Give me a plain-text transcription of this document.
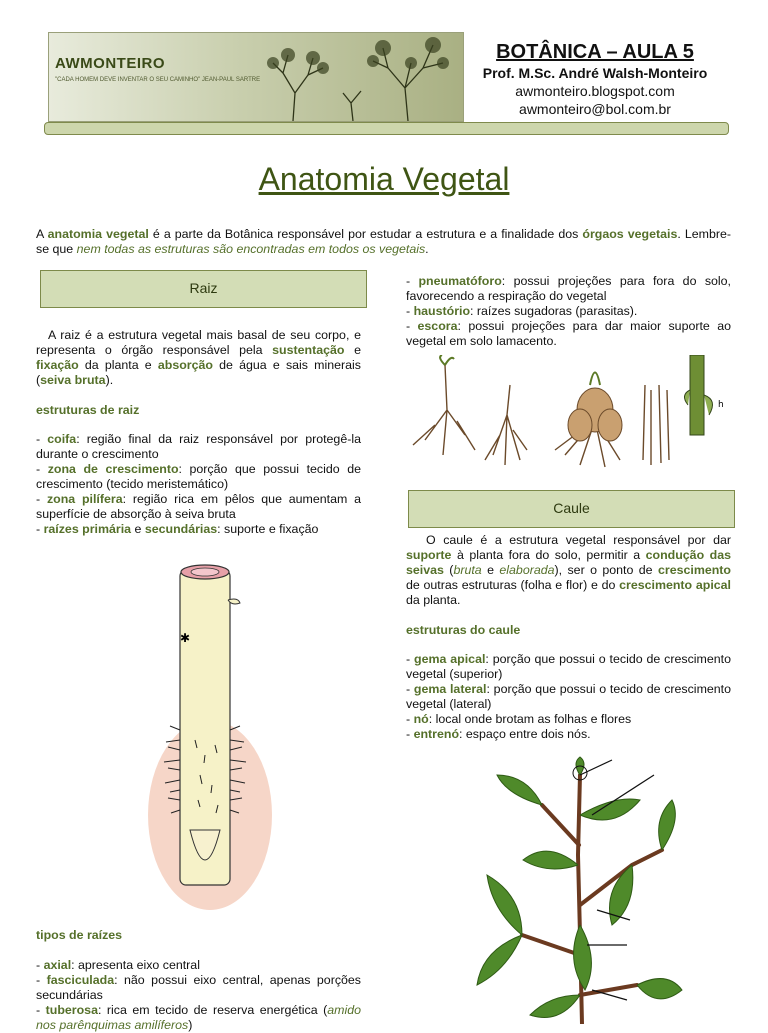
AWMONTEIRO
"CADA HOMEM DEVE INVENTAR O SEU CAMINHO" JEAN-PAUL SARTRE
BOTÂNICA – AULA 5
Prof. M.Sc. André Walsh-Monteiro
awmonteiro.blogspot.com
awmonteiro@bol.com.br
Anatomia Vegetal

A anatomia vegetal é a parte da Botânica responsável por estudar a estrutura e a finalidade dos órgaos vegetais. Lembre-se que nem todas as estruturas são encontradas em todos os vegetais.

Raiz

A raiz é a estrutura vegetal mais basal de seu corpo, e representa o órgão responsável pela sustentação e fixação da planta e absorção de água e sais minerais (seiva bruta).

estruturas de raiz

- coifa: região final da raiz responsável por protegê-la durante o crescimento

- zona de crescimento: porção que possui tecido de crescimento (tecido meristemático)

- zona pilífera: região rica em pêlos que aumentam a superfície de absorção à seiva bruta

- raízes primária e secundárias: suporte e fixação

✱

tipos de raízes

- axial: apresenta eixo central

- fasciculada: não possui eixo central, apenas porções secundárias

- tuberosa: rica em tecido de reserva energética (amido nos parênquimas amilíferos)

- pneumatóforo: possui projeções para fora do solo, favorecendo a respiração do vegetal

- haustório: raízes sugadoras (parasitas).

- escora: possui projeções para dar maior suporte ao vegetal em solo lamacento.

h
Caule

O caule é a estrutura vegetal responsável por dar suporte à planta fora do solo, permitir a condução das seivas (bruta e elaborada), ser o ponto de crescimento de outras estruturas (folha e flor) e do crescimento apical da planta.

estruturas do caule

- gema apical: porção que possui o tecido de crescimento vegetal (superior)

- gema lateral: porção que possui o tecido de crescimento vegetal (lateral)

- nó: local onde brotam as folhas e flores

- entrenó: espaço entre dois nós.
